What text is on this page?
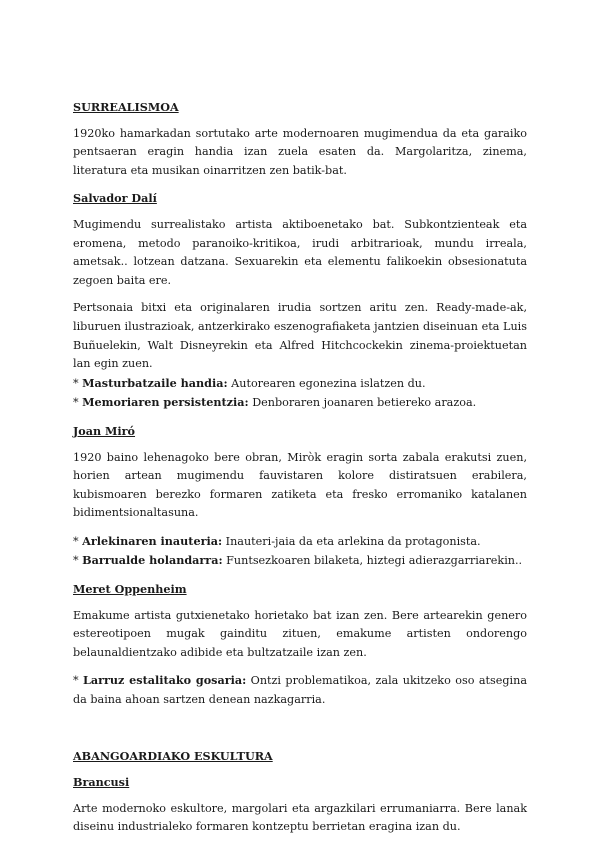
SURREALISMOA

1920ko hamarkadan sortutako arte modernoaren mugimendua da eta garaiko pentsaeran eragin handia izan zuela esaten da. Margolaritza, zinema, literatura eta musikan oinarritzen zen batik-bat.

Salvador Dalí

Mugimendu surrealistako artista aktiboenetako bat. Subkontzienteak eta eromena, metodo paranoiko-kritikoa, irudi arbitrarioak, mundu irreala, ametsak.. lotzean datzana. Sexuarekin eta elementu falikoekin obsesionatuta zegoen baita ere.

Pertsonaia bitxi eta originalaren irudia sortzen aritu zen. Ready-made-ak, liburuen ilustrazioak, antzerkirako eszenografiaketa jantzien diseinuan eta Luis Buñuelekin, Walt Disneyrekin eta Alfred Hitchcockekin zinema-proiektuetan lan egin zuen.

* Masturbatzaile handia: Autorearen egonezina islatzen du.
* Memoriaren persistentzia: Denboraren joanaren betiereko arazoa.
Joan Miró

1920 baino lehenagoko bere obran, Miròk eragin sorta zabala erakutsi zuen, horien artean mugimendu fauvistaren kolore distiratsuen erabilera, kubismoaren berezko formaren zatiketa eta fresko erromaniko katalanen bidimentsionaltasuna.

* Arlekinaren inauteria: Inauteri-jaia da eta arlekina da protagonista.
* Barrualde holandarra: Funtsezkoaren bilaketa, hiztegi adierazgarriarekin..
Meret Oppenheim

Emakume artista gutxienetako horietako bat izan zen. Bere artearekin genero estereotipoen mugak gainditu zituen, emakume artisten ondorengo belaunaldientzako adibide eta bultzatzaile izan zen.

* Larruz estalitako gosaria: Ontzi problematikoa, zala ukitzeko oso atsegina da baina ahoan sartzen denean nazkagarria.

ABANGOARDIAKO ESKULTURA
Brancusi

Arte modernoko eskultore, margolari eta argazkilari errumaniarra. Bere lanak diseinu industrialeko formaren kontzeptu berrietan eragina izan du.
